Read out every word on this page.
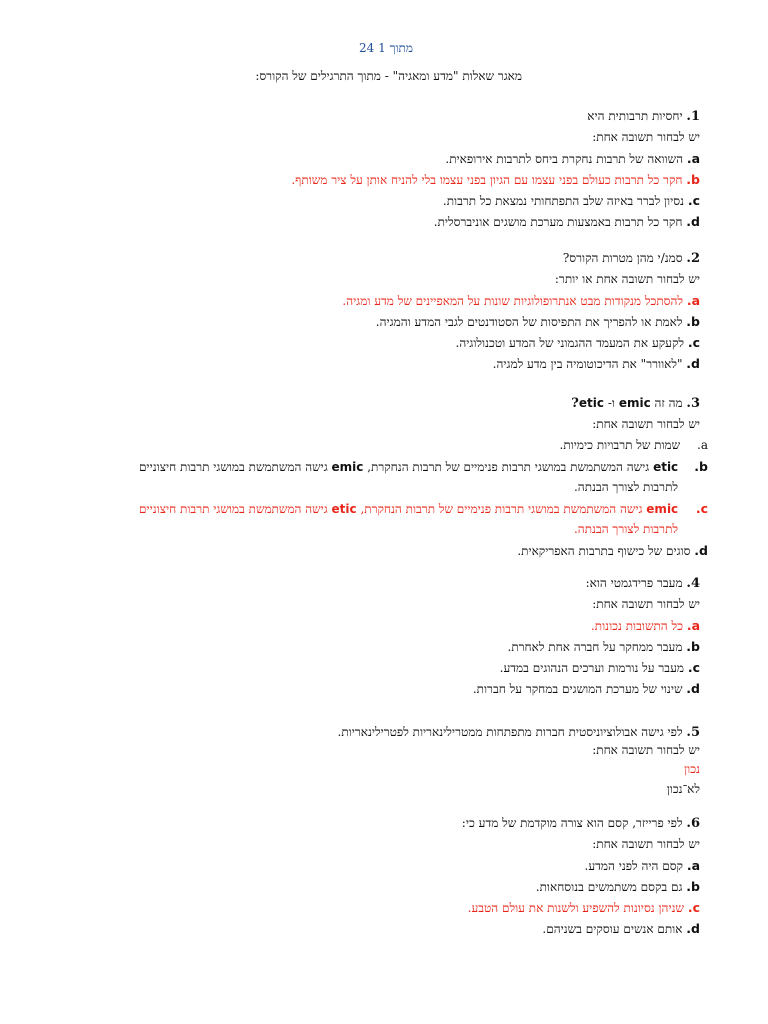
24 מתוך 1
מאגר שאלות "מדע ומאגיה" - מתוך התרגילים של הקורס:
1. יחסיות תרבותית היא
יש לבחור תשובה אחת:
a. השוואה של תרבות נחקרת ביחס לתרבות אירופאית.
b. חקר כל תרבות כעולם בפני עצמו עם הגיון בפני עצמו בלי להניח אותן על ציר משותף.
c. נסיון לברר באיזה שלב התפתחותי נמצאת כל תרבות.
d. חקר כל תרבות באמצעות מערכת מושגים אוניברסלית.
2. סמנ/י מהן מטרות הקורס?
יש לבחור תשובה אחת או יותר:
a. להסתכל מנקודות מבט אנתרופולוגיות שונות על המאפיינים של מדע ומגיה.
b. לאמת או להפריך את התפיסות של הסטודנטים לגבי המדע והמגיה.
c. לקעקע את המעמד ההגמוני של המדע וטכנולוגיה.
d. "לאוורר" את הדיכוטומיה בין מדע למגיה.
3. מה זה emic ו- etic?
יש לבחור תשובה אחת:
a. שמות של תרבויות כימיות.
b. etic גישה המשתמשת במושגי תרבות פנימיים של תרבות הנחקרת, emic גישה המשתמשת במושגי תרבות חיצוניים
לתרבות לצורך הבנתה.
c. emic גישה המשתמשת במושגי תרבות פנימיים של תרבות הנחקרת, etic גישה המשתמשת במושגי תרבות חיצוניים
לתרבות לצורך הבנתה.
d. סוגים של כישוף בתרבות האפריקאית.
4. מעבר פרידגמטי הוא:
יש לבחור תשובה אחת:
a. כל התשובות נכונות.
b. מעבר ממחקר על חברה אחת לאחרת.
c. מעבר על נורמות וערכים הנהוגים במדע.
d. שינוי של מערכת המושגים במחקר על חברות.
5. לפי גישה אבולוציוניסטית חברות מתפתחות ממטרילינאריות לפטרילינאריות.
יש לבחור תשובה אחת:
נכון
לא־נכון
6. לפי פרייזר, קסם הוא צורה מוקדמת של מדע כי:
יש לבחור תשובה אחת:
a. קסם היה לפני המדע.
b. גם בקסם משתמשים בנוסחאות.
c. שניהן נסיונות להשפיע ולשנות את עולם הטבע.
d. אותם אנשים עוסקים בשניהם.
